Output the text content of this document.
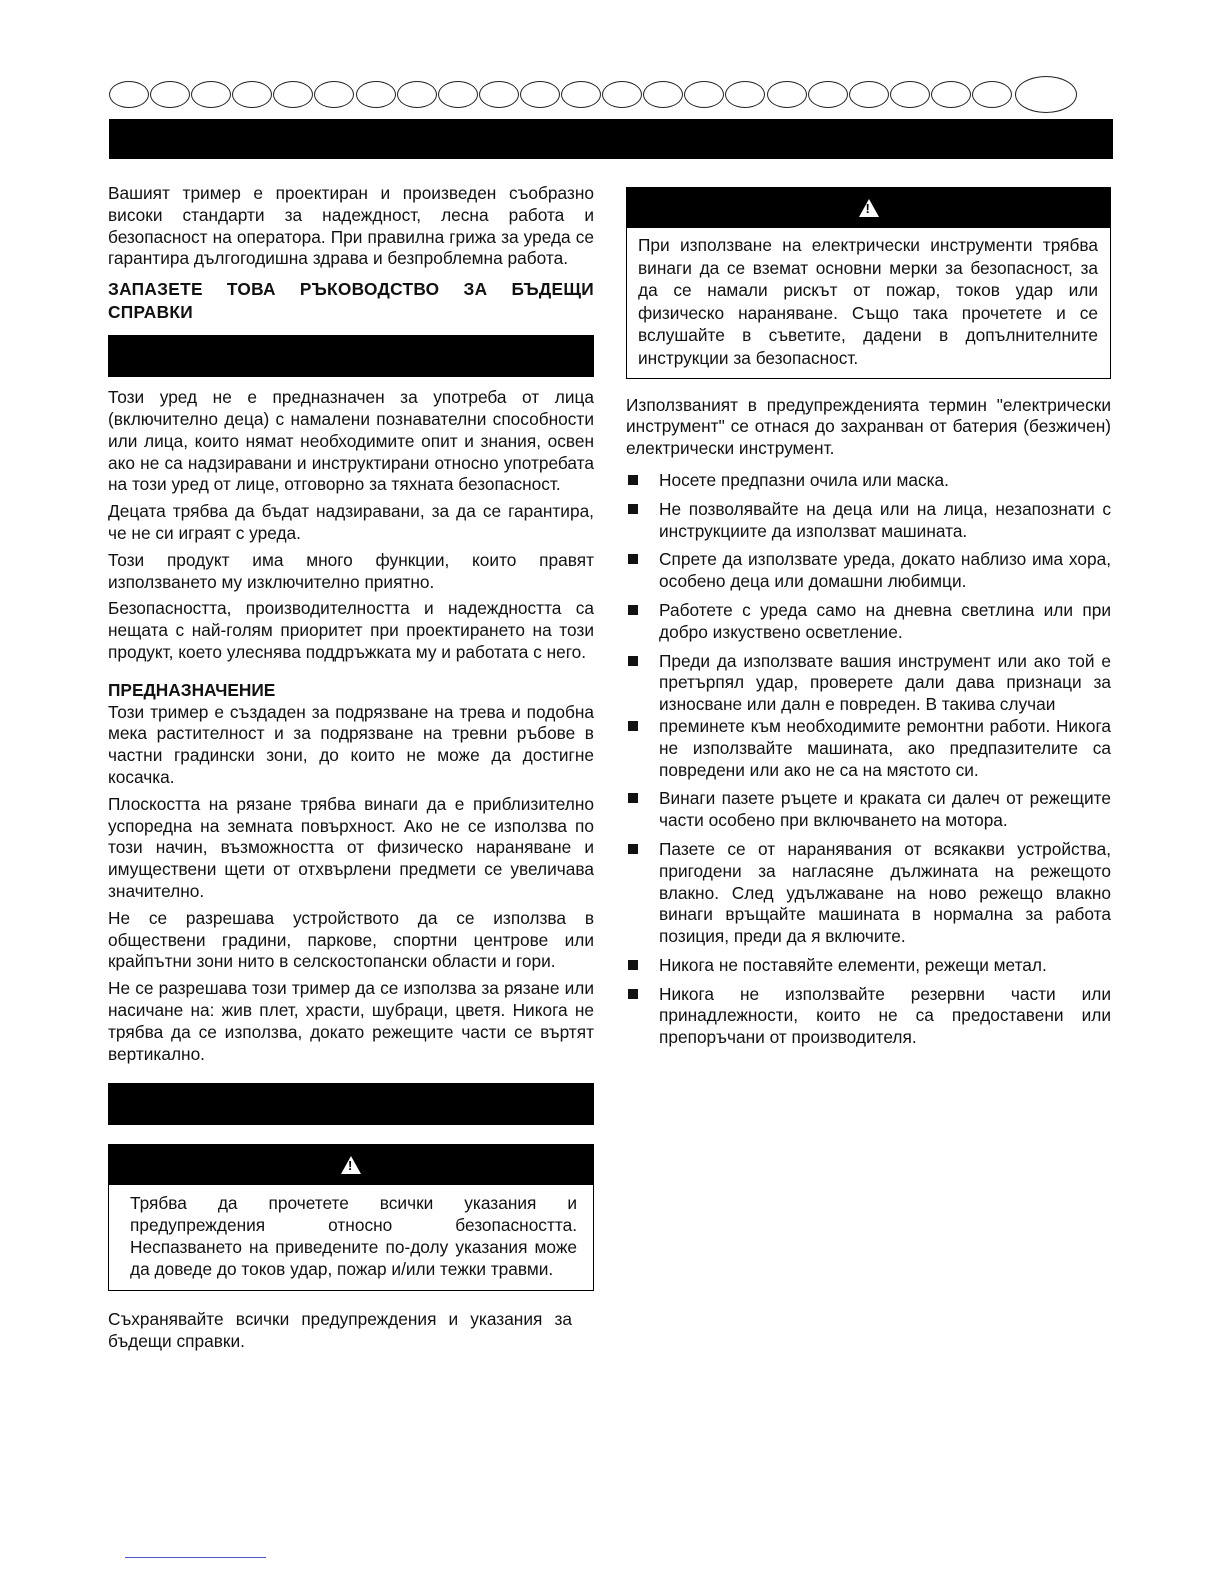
Вашият тример е проектиран и произведен съобразно високи стандарти за надеждност, лесна работа и безопасност на оператора. При правилна грижа за уреда се гарантира дългогодишна здрава и безпроблемна работа.

ЗАПАЗЕТЕ ТОВА РЪКОВОДСТВО ЗА БЪДЕЩИ СПРАВКИ

Този уред не е предназначен за употреба от лица (включително деца) с намалени познавателни способности или лица, които нямат необходимите опит и знания, освен ако не са надзиравани и инструктирани относно употребата на този уред от лице, отговорно за тяхната безопасност.

Децата трябва да бъдат надзиравани, за да се гарантира, че не си играят с уреда.

Този продукт има много функции, които правят използването му изключително приятно.

Безопасността, производителността и надеждността са нещата с най-голям приоритет при проектирането на този продукт, което улеснява поддръжката му и работата с него.

ПРЕДНАЗНАЧЕНИЕ

Този тример е създаден за подрязване на трева и подобна мека растителност и за подрязване на тревни ръбове в частни градински зони, до които не може да достигне косачка.

Плоскостта на рязане трябва винаги да е приблизително успоредна на земната повърхност. Ако не се използва по този начин, възможността от физическо нараняване и имуществени щети от отхвърлени предмети се увеличава значително.

Не се разрешава устройството да се използва в обществени градини, паркове, спортни центрове или крайпътни зони нито в селскостопански области и гори.

Не се разрешава този тример да се използва за рязане или насичане на: жив плет, храсти, шубраци, цветя. Никога не трябва да се използва, докато режещите части се въртят вертикално.

!

Трябва да прочетете всички указания и предупреждения относно безопасността. Неспазването на приведените по-долу указания може да доведе до токов удар, пожар и/или тежки травми.

Съхранявайте всички предупреждения и указания за бъдещи справки.

!

При използване на електрически инструменти трябва винаги да се вземат основни мерки за безопасност, за да се намали рискът от пожар, токов удар или физическо нараняване. Също така прочетете и се вслушайте в съветите, дадени в допълнителните инструкции за безопасност.

Използваният в предупрежденията термин "електрически инструмент" се отнася до захранван от батерия (безжичен) електрически инструмент.

Носете предпазни очила или маска.
Не позволявайте на деца или на лица, незапознати с инструкциите да използват машината.
Спрете да използвате уреда, докато наблизо има хора, особено деца или домашни любимци.
Работете с уреда само на дневна светлина или при добро изкуствено осветление.
Преди да използвате вашия инструмент или ако той е претърпял удар, проверете дали дава признаци за износване или далн е повреден. В такива случаи
преминете към необходимите ремонтни работи. Никога не използвайте машината, ако предпазителите са повредени или ако не са на мястото си.
Винаги пазете ръцете и краката си далеч от режещите части особено при включването на мотора.
Пазете се от наранявания от всякакви устройства, пригодени за нагласяне дължината на режещото влакно. След удължаване на ново режещо влакно винаги връщайте машината в нормална за работа позиция, преди да я включите.
Никога не поставяйте елементи, режещи метал.
Никога не използвайте резервни части или принадлежности, които не са предоставени или препоръчани от производителя.
